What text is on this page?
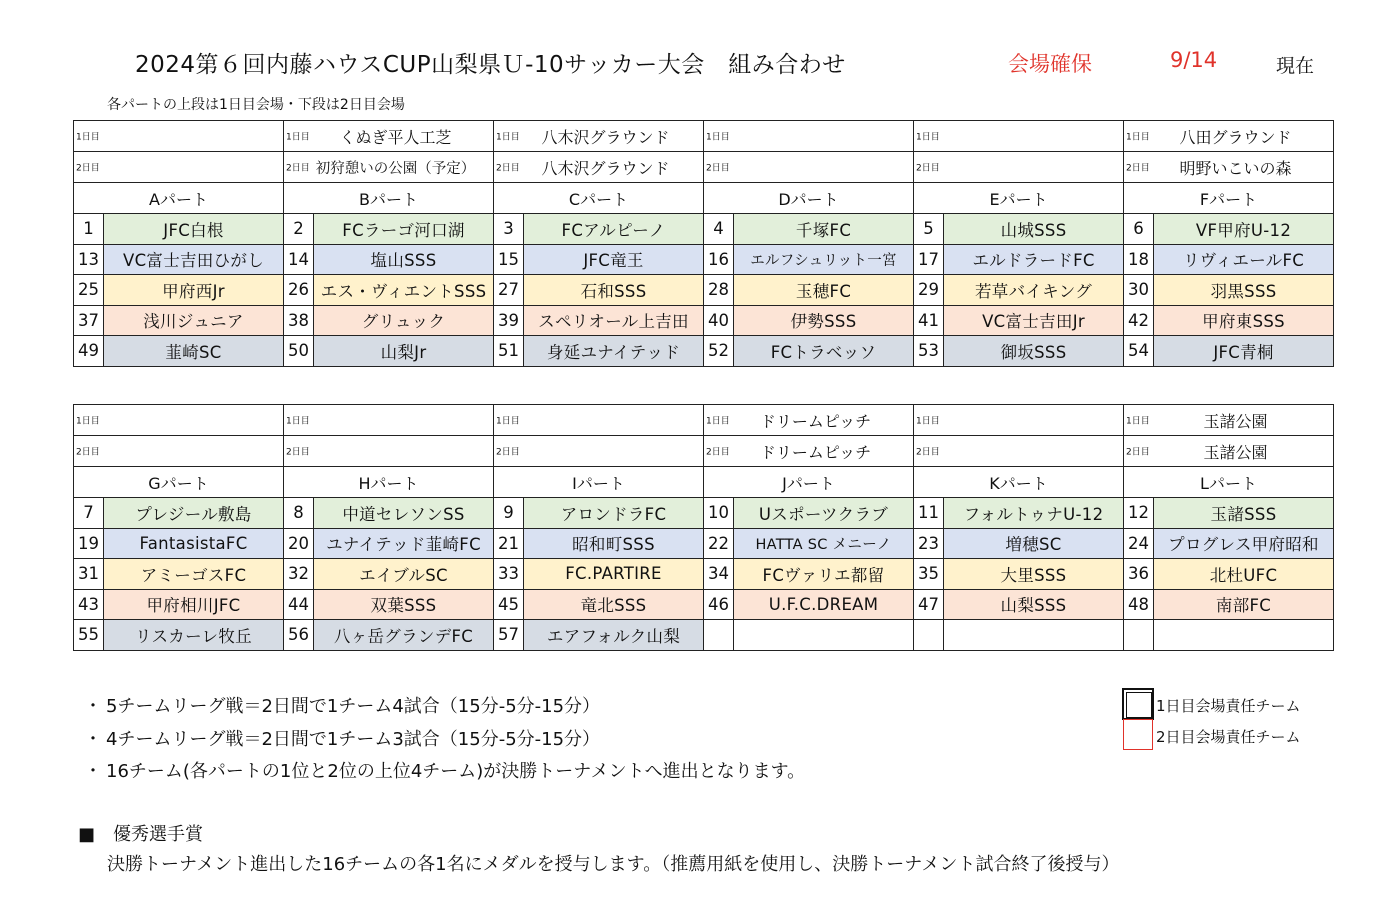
2024第６回内藤ハウスCUP山梨県Ｕ-10サッカー大会　組み合わせ	会場確保	9/14	現在
各パートの上段は1日目会場・下段は2日目会場
1日目		1日目 くぬぎ平人工芝		1日目 八木沢グラウンド		1日目		1日目		1日目 八田グラウンド	

2日目		2日目 初狩憩いの公園（予定）		2日目 八木沢グラウンド		2日目		2日目		2日目 明野いこいの森	
Aパート		Bパート		Cパート		Dパート		Eパート		Fパート	
1	JFC白根	2	FCラーゴ河口湖	3	FCアルピーノ	4	千塚FC	5	山城SSS	6	VF甲府U-12
13	VC富士吉田ひがし	14	塩山SSS	15	JFC竜王	16	エルフシュリット一宮	17	エルドラードFC	18	リヴィエールFC
25	甲府西Jr	26	エス・ヴィエントSSS	27	石和SSS	28	玉穂FC	29	若草バイキング	30	羽黒SSS
37	浅川ジュニア	38	グリュック	39	スペリオール上吉田	40	伊勢SSS	41	VC富士吉田Jr	42	甲府東SSS
49	韮崎SC	50	山梨Jr	51	身延ユナイテッド	52	FCトラベッソ	53	御坂SSS	54	JFC青桐
1日目		1日目		1日目		1日目 ドリームピッチ		1日目		1日目 玉諸公園	

2日目		2日目		2日目		2日目 ドリームピッチ		2日目		2日目 玉諸公園	
Gパート		Hパート		Iパート		Jパート		Kパート		Lパート	
7	プレジール敷島	8	中道セレソンSS	9	アロンドラFC	10	Uスポーツクラブ	11	フォルトゥナU-12	12	玉諸SSS
19	FantasistaFC	20	ユナイテッド韮崎FC	21	昭和町SSS	22	HATTA SC メニーノ	23	増穂SC	24	プログレス甲府昭和
31	アミーゴスFC	32	エイブルSC	33	FC.PARTIRE	34	FCヴァリエ都留	35	大里SSS	36	北杜UFC
43	甲府相川JFC	44	双葉SSS	45	竜北SSS	46	U.F.C.DREAM	47	山梨SSS	48	南部FC
55	リスカーレ牧丘	56	八ヶ岳グランデFC	57	エアフォルク山梨						
・ 5チームリーグ戦＝2日間で1チーム4試合（15分-5分-15分）
・ 4チームリーグ戦＝2日間で1チーム3試合（15分-5分-15分）
・ 16チーム(各パートの1位と2位の上位4チーム)が決勝トーナメントへ進出となります。
1日目会場責任チーム
2日目会場責任チーム
■　優秀選手賞
決勝トーナメント進出した16チームの各1名にメダルを授与します。（推薦用紙を使用し、決勝トーナメント試合終了後授与）
